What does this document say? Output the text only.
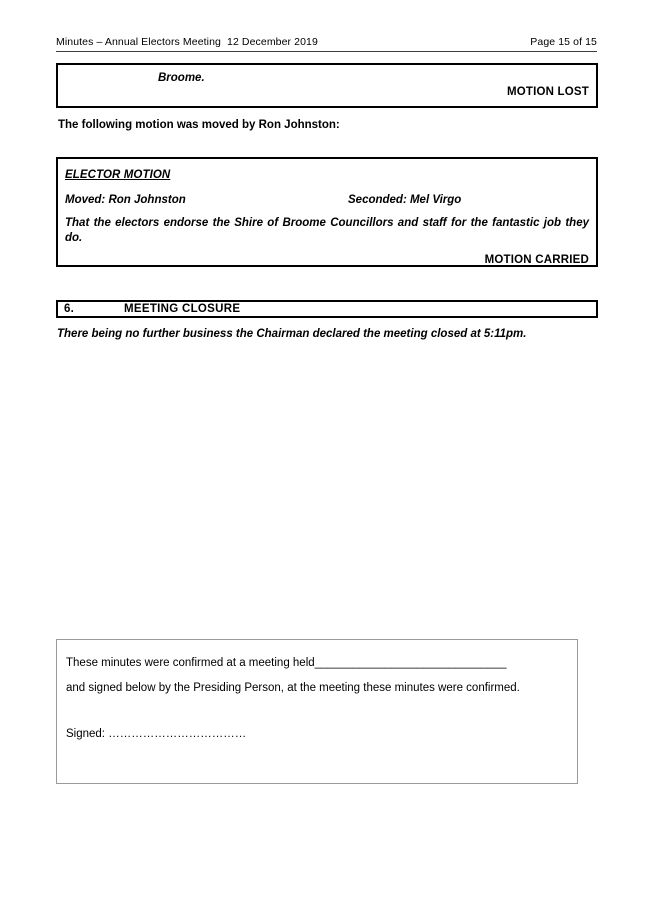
Minutes – Annual Electors Meeting  12 December 2019	Page 15 of 15
Broome.
MOTION LOST
The following motion was moved by Ron Johnston:
ELECTOR MOTION
Moved: Ron Johnston	Seconded: Mel Virgo
That the electors endorse the Shire of Broome Councillors and staff for the fantastic job they do.
MOTION CARRIED
6.	MEETING CLOSURE
There being no further business the Chairman declared the meeting closed at 5:11pm.
These minutes were confirmed at a meeting held______________________________
and signed below by the Presiding Person, at the meeting these minutes were confirmed.
Signed: ………………………………
